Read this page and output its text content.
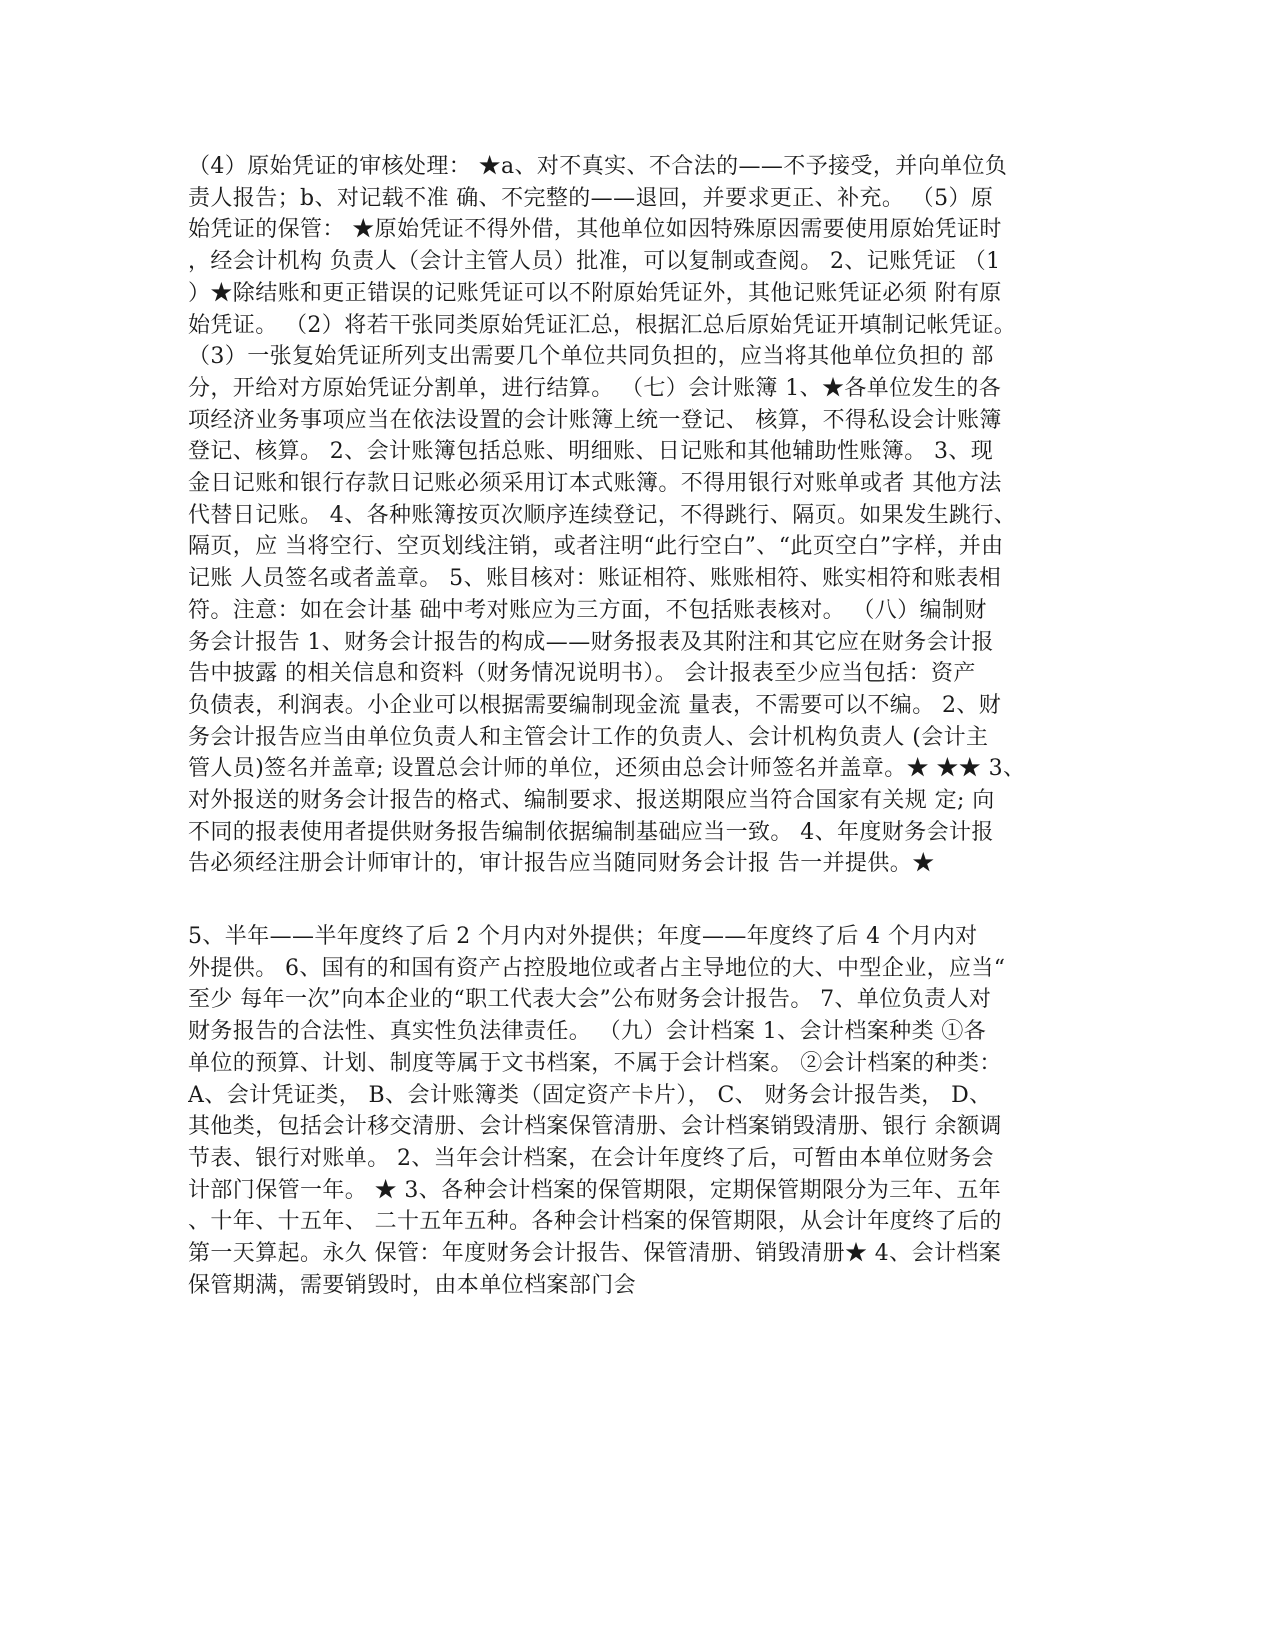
（4）原始凭证的审核处理： ★a、对不真实、不合法的——不予接受，并向单位负
责人报告；b、对记载不准 确、不完整的——退回，并要求更正、补充。 （5）原
始凭证的保管： ★原始凭证不得外借，其他单位如因特殊原因需要使用原始凭证时
，经会计机构 负责人（会计主管人员）批准，可以复制或查阅。 2、记账凭证 （1
）★除结账和更正错误的记账凭证可以不附原始凭证外，其他记账凭证必须 附有原
始凭证。 （2）将若干张同类原始凭证汇总，根据汇总后原始凭证开填制记帐凭证。
（3）一张复始凭证所列支出需要几个单位共同负担的，应当将其他单位负担的 部
分，开给对方原始凭证分割单，进行结算。 （七）会计账簿 1、★各单位发生的各
项经济业务事项应当在依法设置的会计账簿上统一登记、 核算，不得私设会计账簿
登记、核算。 2、会计账簿包括总账、明细账、日记账和其他辅助性账簿。 3、现
金日记账和银行存款日记账必须采用订本式账簿。不得用银行对账单或者 其他方法
代替日记账。 4、各种账簿按页次顺序连续登记，不得跳行、隔页。如果发生跳行、
隔页，应 当将空行、空页划线注销，或者注明“此行空白”、“此页空白”字样，并由
记账 人员签名或者盖章。 5、账目核对：账证相符、账账相符、账实相符和账表相
符。注意：如在会计基 础中考对账应为三方面，不包括账表核对。 （八）编制财
务会计报告 1、财务会计报告的构成——财务报表及其附注和其它应在财务会计报
告中披露 的相关信息和资料（财务情况说明书）。 会计报表至少应当包括：资产
负债表，利润表。小企业可以根据需要编制现金流 量表，不需要可以不编。 2、财
务会计报告应当由单位负责人和主管会计工作的负责人、会计机构负责人 (会计主
管人员)签名并盖章; 设置总会计师的单位，还须由总会计师签名并盖章。★ ★★ 3、
对外报送的财务会计报告的格式、编制要求、报送期限应当符合国家有关规 定; 向
不同的报表使用者提供财务报告编制依据编制基础应当一致。 4、年度财务会计报
告必须经注册会计师审计的，审计报告应当随同财务会计报 告一并提供。★
5、半年——半年度终了后 2 个月内对外提供；年度——年度终了后 4 个月内对
外提供。 6、国有的和国有资产占控股地位或者占主导地位的大、中型企业，应当“
至少 每年一次”向本企业的“职工代表大会”公布财务会计报告。 7、单位负责人对
财务报告的合法性、真实性负法律责任。 （九）会计档案 1、会计档案种类 ①各
单位的预算、计划、制度等属于文书档案，不属于会计档案。 ②会计档案的种类：
A、会计凭证类， B、会计账簿类（固定资产卡片）， C、 财务会计报告类， D、
其他类，包括会计移交清册、会计档案保管清册、会计档案销毁清册、银行 余额调
节表、银行对账单。 2、当年会计档案，在会计年度终了后，可暂由本单位财务会
计部门保管一年。 ★ 3、各种会计档案的保管期限，定期保管期限分为三年、五年
、十年、十五年、 二十五年五种。各种会计档案的保管期限，从会计年度终了后的
第一天算起。永久 保管：年度财务会计报告、保管清册、销毁清册★ 4、会计档案
保管期满，需要销毁时，由本单位档案部门会
